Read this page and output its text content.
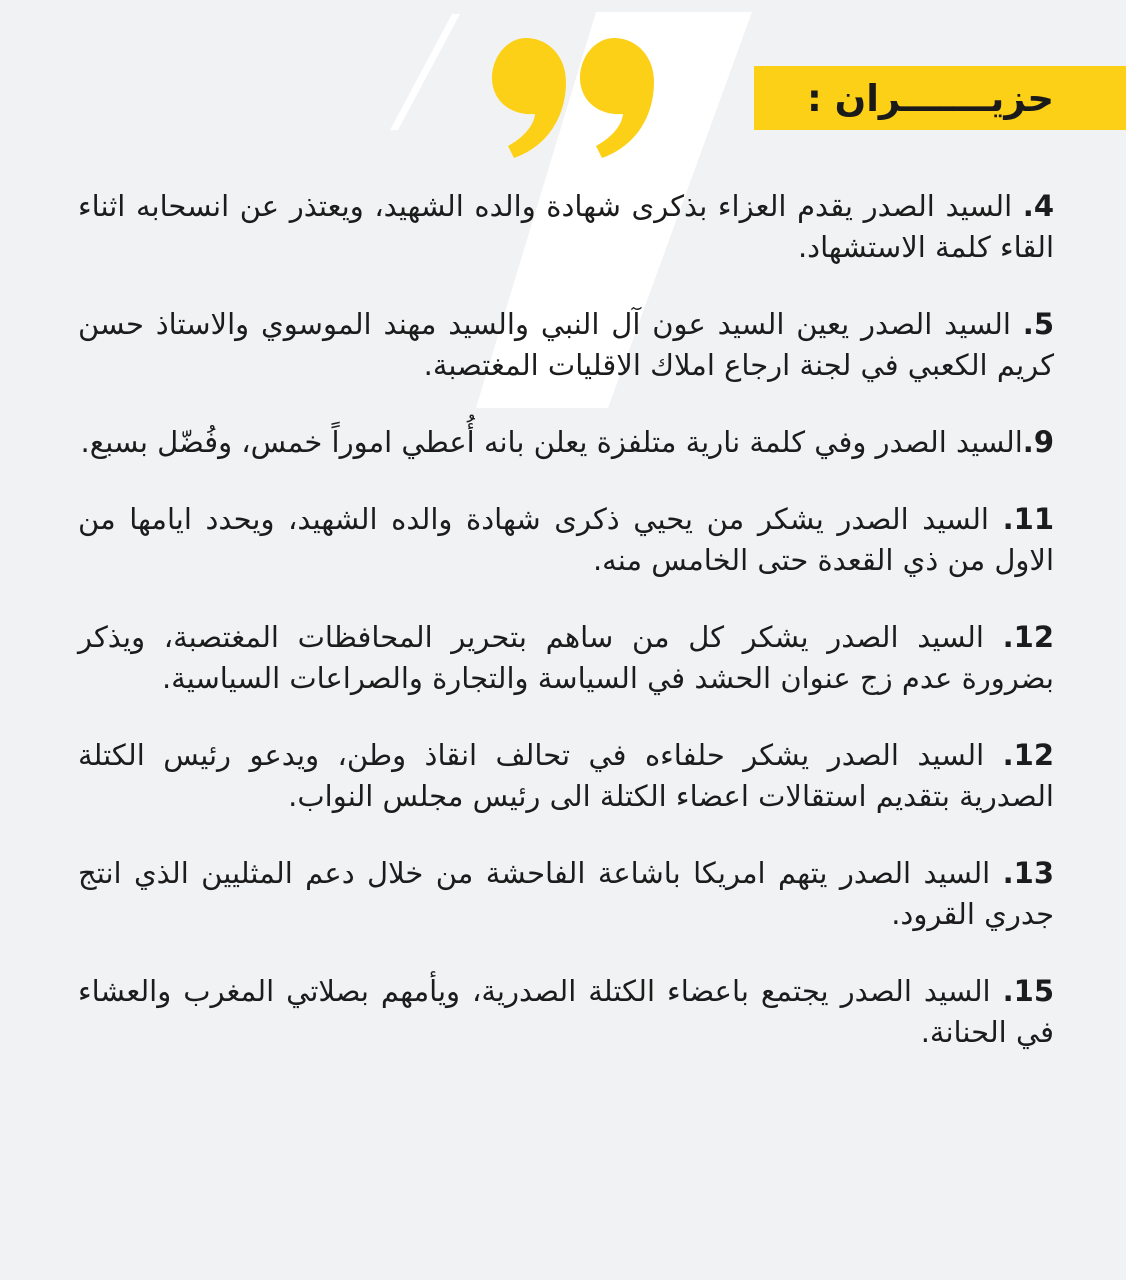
حزيـــــــران :

4. السيد الصدر يقدم العزاء بذكرى شهادة والده الشهيد، ويعتذر عن انسحابه اثناء القاء كلمة الاستشهاد.

5. السيد الصدر يعين السيد عون آل النبي والسيد مهند الموسوي والاستاذ حسن كريم الكعبي في لجنة ارجاع املاك الاقليات المغتصبة.

9.السيد الصدر وفي كلمة نارية متلفزة يعلن بانه أُعطي اموراً خمس، وفُضّل بسبع.

11. السيد الصدر يشكر من يحيي ذكرى شهادة والده الشهيد، ويحدد ايامها من الاول من ذي القعدة حتى الخامس منه.

12. السيد الصدر يشكر كل من ساهم بتحرير المحافظات المغتصبة، ويذكر بضرورة عدم زج عنوان الحشد في السياسة والتجارة والصراعات السياسية.

12. السيد الصدر يشكر حلفاءه في تحالف انقاذ وطن، ويدعو رئيس الكتلة الصدرية بتقديم استقالات اعضاء الكتلة الى رئيس مجلس النواب.

13. السيد الصدر يتهم امريكا باشاعة الفاحشة من خلال دعم المثليين الذي انتج جدري القرود.

15. السيد الصدر يجتمع باعضاء الكتلة الصدرية، ويأمهم بصلاتي المغرب والعشاء في الحنانة.
